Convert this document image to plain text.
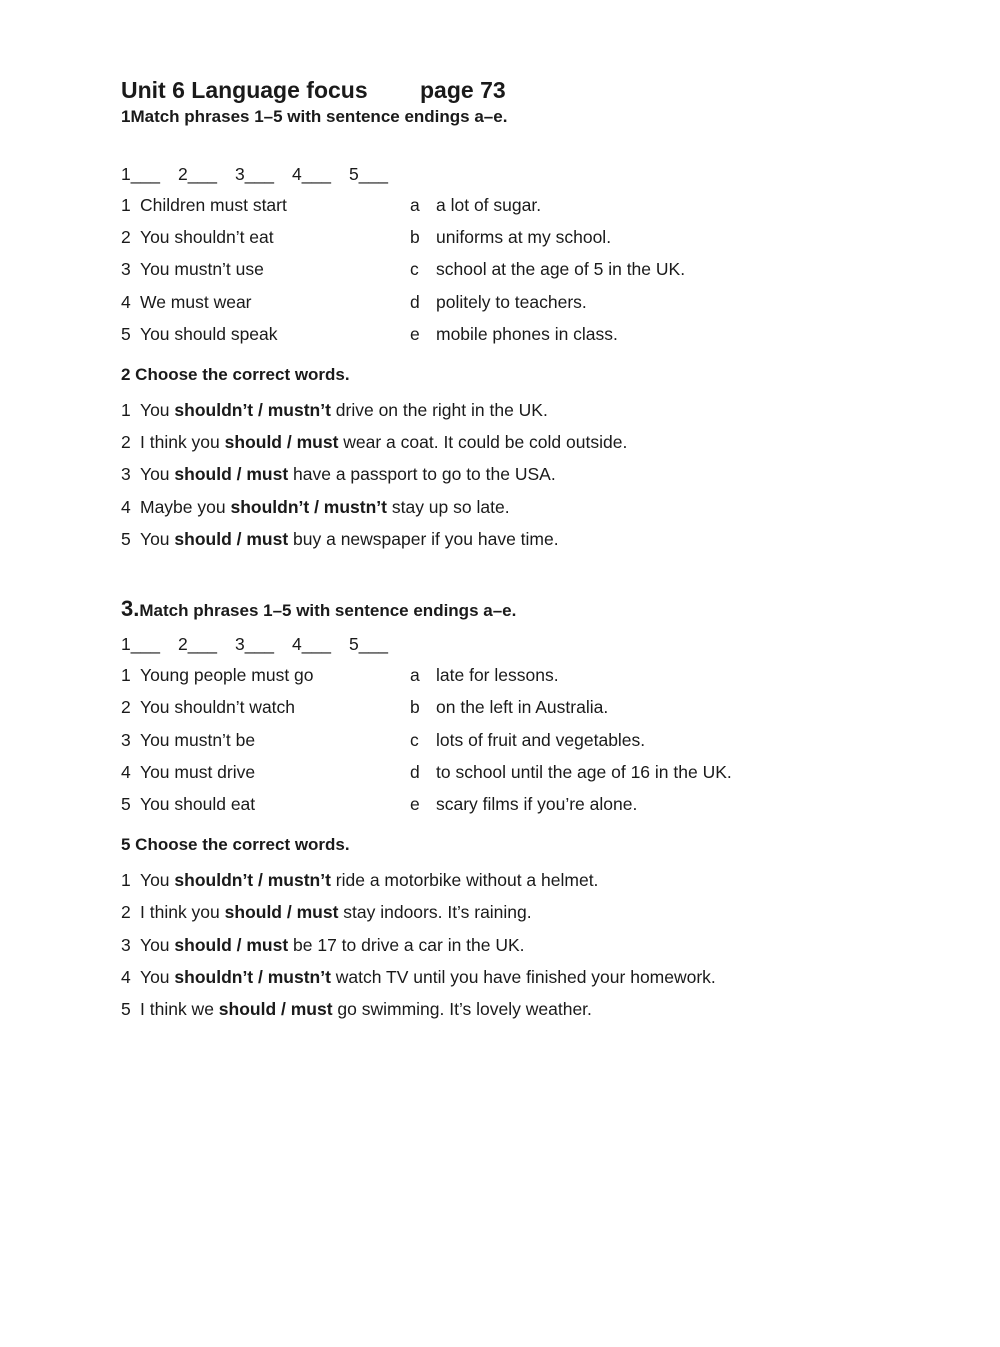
Unit 6 Language focus page 73
1Match phrases 1–5 with sentence endings a–e.
1___ 2___ 3___ 4___ 5___
1 Children must start
2 You shouldn’t eat
3 You mustn’t use
4 We must wear
5 You should speak
a a lot of sugar.
b uniforms at my school.
c school at the age of 5 in the UK.
d politely to teachers.
e mobile phones in class.
2 Choose the correct words.
1 You shouldn’t / mustn’t drive on the right in the UK.
2 I think you should / must wear a coat. It could be cold outside.
3 You should / must have a passport to go to the USA.
4 Maybe you shouldn’t / mustn’t stay up so late.
5 You should / must buy a newspaper if you have time.
3.Match phrases 1–5 with sentence endings a–e.
1___ 2___ 3___ 4___ 5___
1 Young people must go
2 You shouldn’t watch
3 You mustn’t be
4 You must drive
5 You should eat
a late for lessons.
b on the left in Australia.
c lots of fruit and vegetables.
d to school until the age of 16 in the UK.
e scary films if you’re alone.
5 Choose the correct words.
1 You shouldn’t / mustn’t ride a motorbike without a helmet.
2 I think you should / must stay indoors. It’s raining.
3 You should / must be 17 to drive a car in the UK.
4 You shouldn’t / mustn’t watch TV until you have finished your homework.
5 I think we should / must go swimming. It’s lovely weather.
